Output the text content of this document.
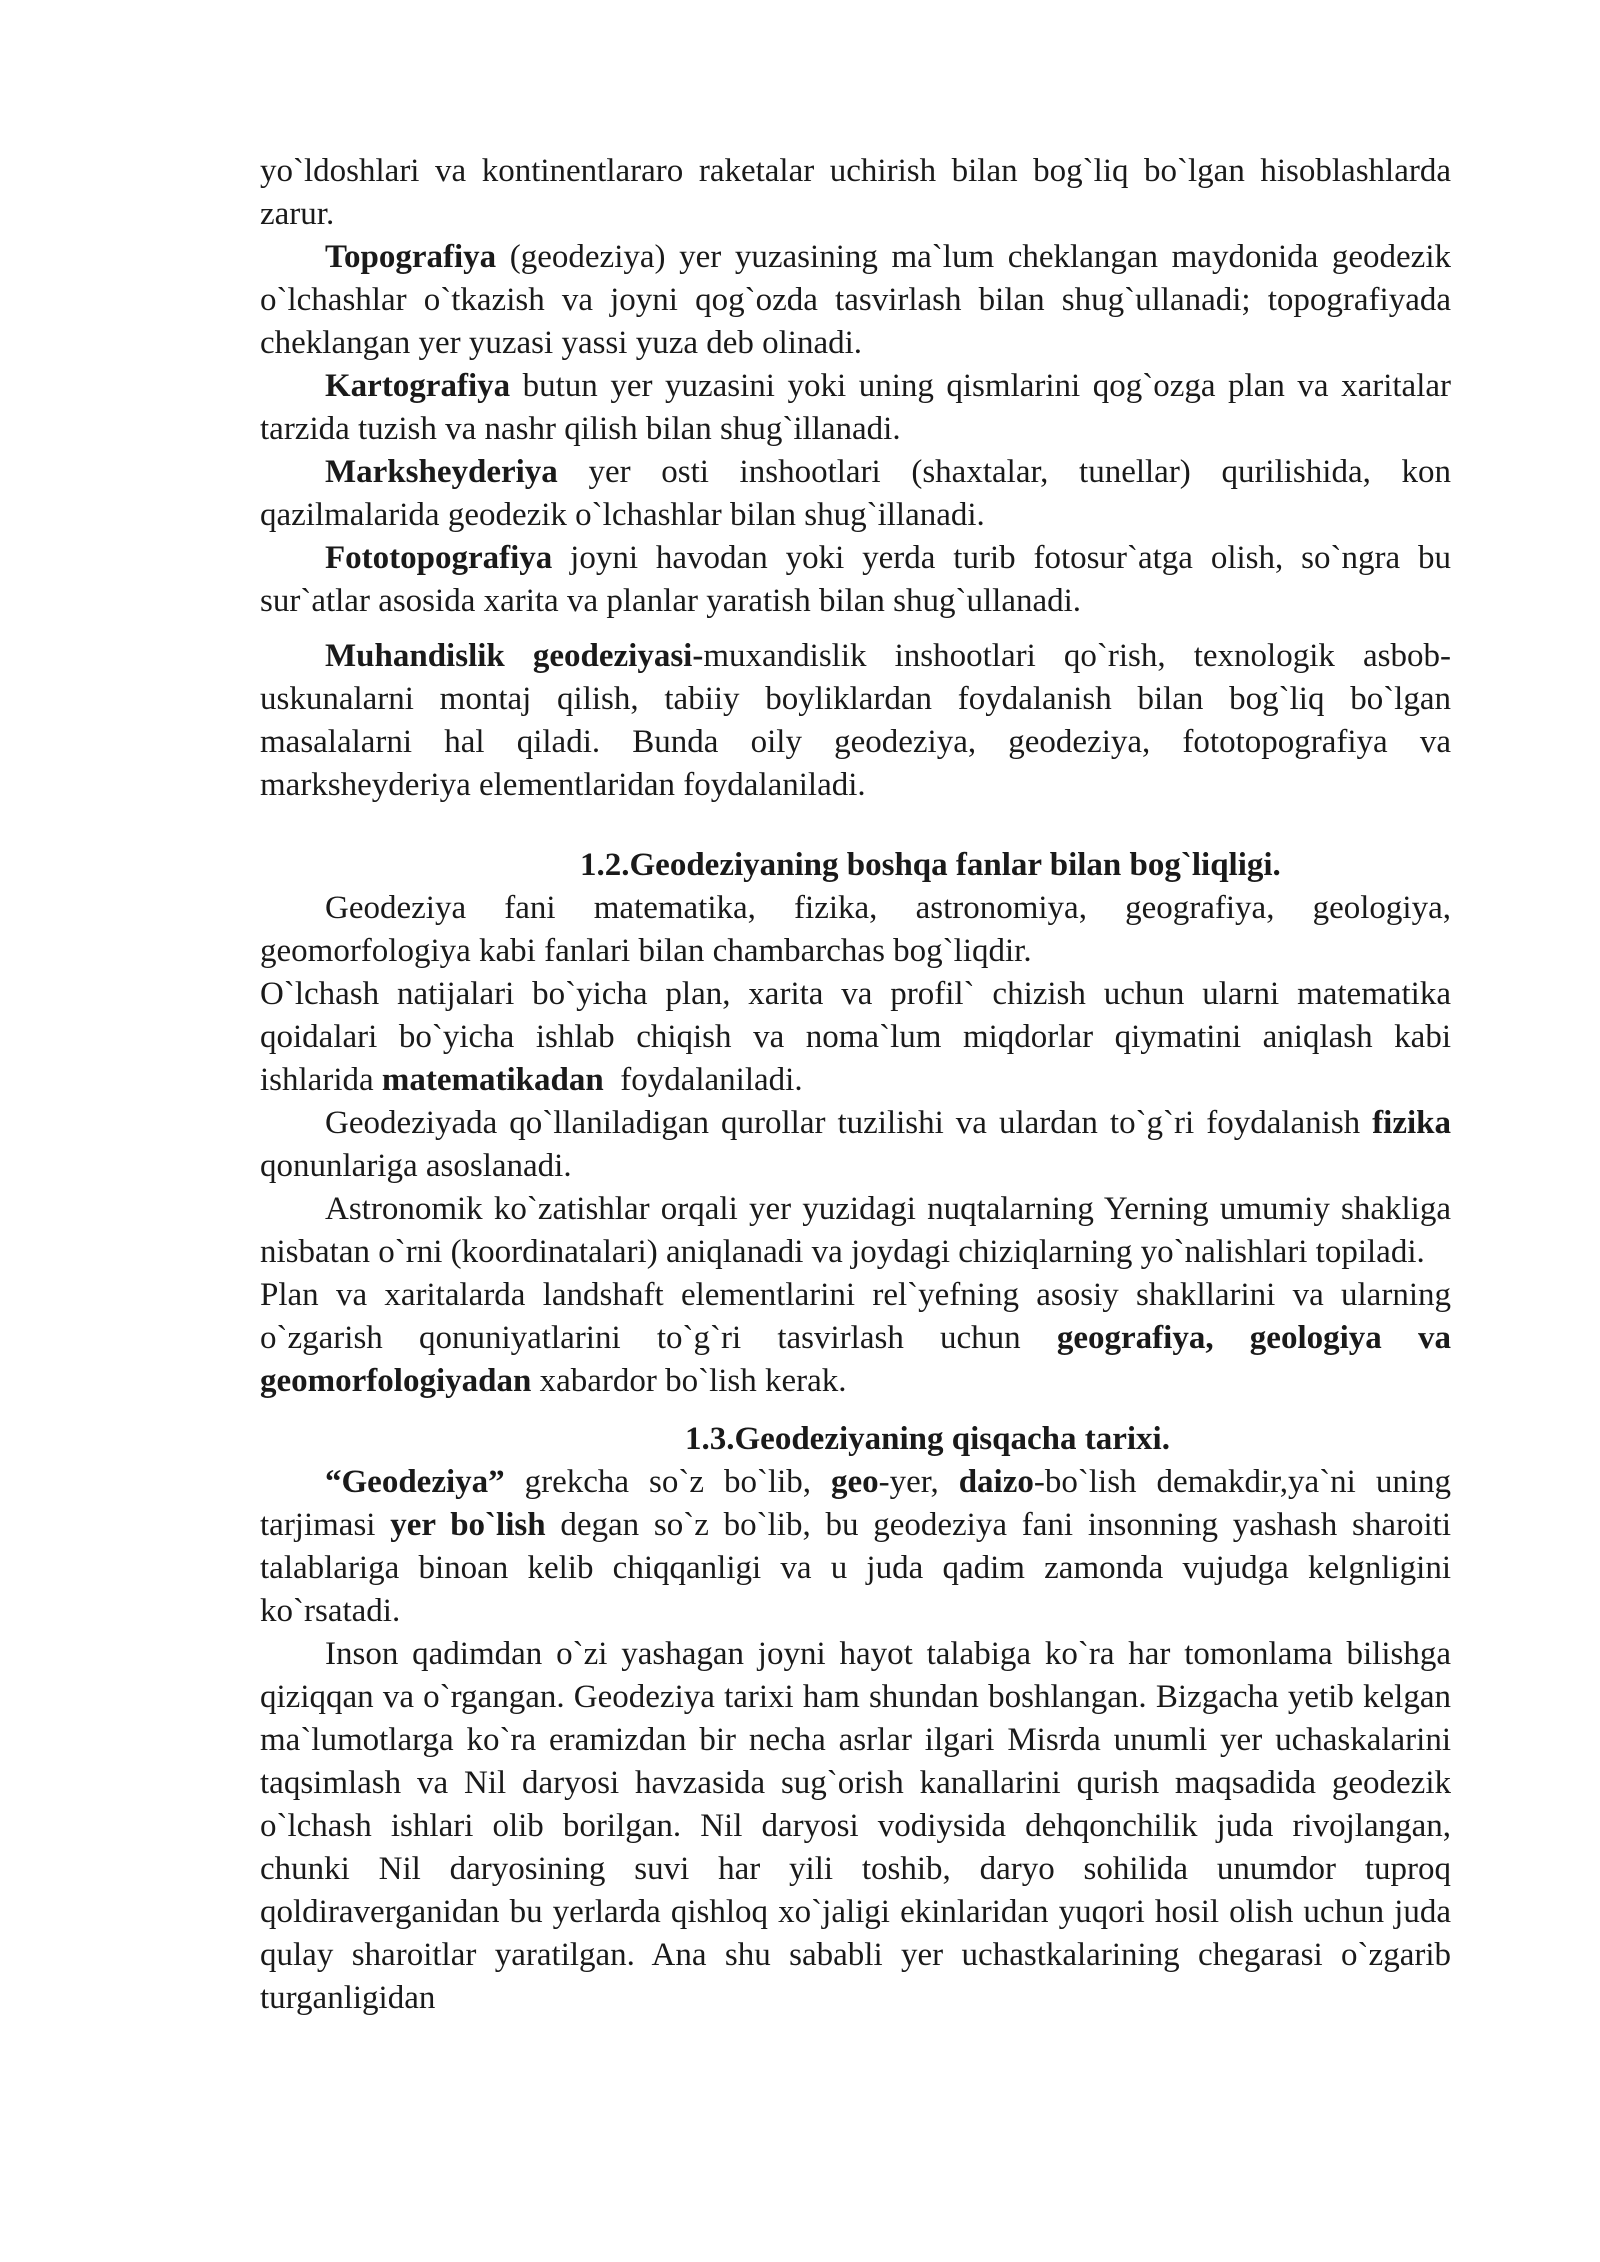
yo`ldoshlari va kontinentlararo raketalar uchirish bilan bog`liq bo`lgan hisoblashlarda zarur.

Topografiya (geodeziya) yer yuzasining ma`lum cheklangan maydonida geodezik o`lchashlar o`tkazish va joyni qog`ozda tasvirlash bilan shug`ullanadi; topografiyada cheklangan yer yuzasi yassi yuza deb olinadi.

Kartografiya butun yer yuzasini yoki uning qismlarini qog`ozga plan va xaritalar tarzida tuzish va nashr qilish bilan shug`illanadi.

Marksheyderiya yer osti inshootlari (shaxtalar, tunellar) qurilishida, kon qazilmalarida geodezik o`lchashlar bilan shug`illanadi.

Fototopografiya joyni havodan yoki yerda turib fotosur`atga olish, so`ngra bu sur`atlar asosida xarita va planlar yaratish bilan shug`ullanadi.

Muhandislik geodeziyasi-muxandislik inshootlari qo`rish, texnologik asbob-uskunalarni montaj qilish, tabiiy boyliklardan foydalanish bilan bog`liq bo`lgan masalalarni hal qiladi. Bunda oily geodeziya, geodeziya, fototopografiya va marksheyderiya elementlaridan foydalaniladi.

1.2.Geodeziyaning boshqa fanlar bilan bog`liqligi.

Geodeziya fani matematika, fizika, astronomiya, geografiya, geologiya, geomorfologiya kabi fanlari bilan chambarchas bog`liqdir.

O`lchash natijalari bo`yicha plan, xarita va profil` chizish uchun ularni matematika qoidalari bo`yicha ishlab chiqish va noma`lum miqdorlar qiymatini aniqlash kabi ishlarida matematikadan  foydalaniladi.

Geodeziyada qo`llaniladigan qurollar tuzilishi va ulardan to`g`ri foydalanish fizika qonunlariga asoslanadi.

Astronomik ko`zatishlar orqali yer yuzidagi nuqtalarning Yerning umumiy shakliga nisbatan o`rni (koordinatalari) aniqlanadi va joydagi chiziqlarning yo`nalishlari topiladi.

Plan va xaritalarda landshaft elementlarini rel`yefning asosiy shakllarini va ularning o`zgarish qonuniyatlarini to`g`ri tasvirlash uchun geografiya, geologiya va geomorfologiyadan xabardor bo`lish kerak.

1.3.Geodeziyaning qisqacha tarixi.

“Geodeziya” grekcha so`z bo`lib, geo-yer, daizo-bo`lish demakdir,ya`ni uning tarjimasi yer bo`lish degan so`z bo`lib, bu geodeziya fani insonning yashash sharoiti talablariga binoan kelib chiqqanligi va u juda qadim zamonda vujudga kelgnligini ko`rsatadi.

Inson qadimdan o`zi yashagan joyni hayot talabiga ko`ra har tomonlama bilishga qiziqqan va o`rgangan. Geodeziya tarixi ham shundan boshlangan. Bizgacha yetib kelgan ma`lumotlarga ko`ra eramizdan bir necha asrlar ilgari Misrda unumli yer uchaskalarini taqsimlash va Nil daryosi havzasida sug`orish kanallarini qurish maqsadida geodezik o`lchash ishlari olib borilgan. Nil daryosi vodiysida dehqonchilik juda rivojlangan, chunki Nil daryosining suvi har yili toshib, daryo sohilida unumdor tuproq qoldiraverganidan bu yerlarda qishloq xo`jaligi ekinlaridan yuqori hosil olish uchun juda qulay sharoitlar yaratilgan. Ana shu sababli yer uchastkalarining chegarasi o`zgarib turganligidan
